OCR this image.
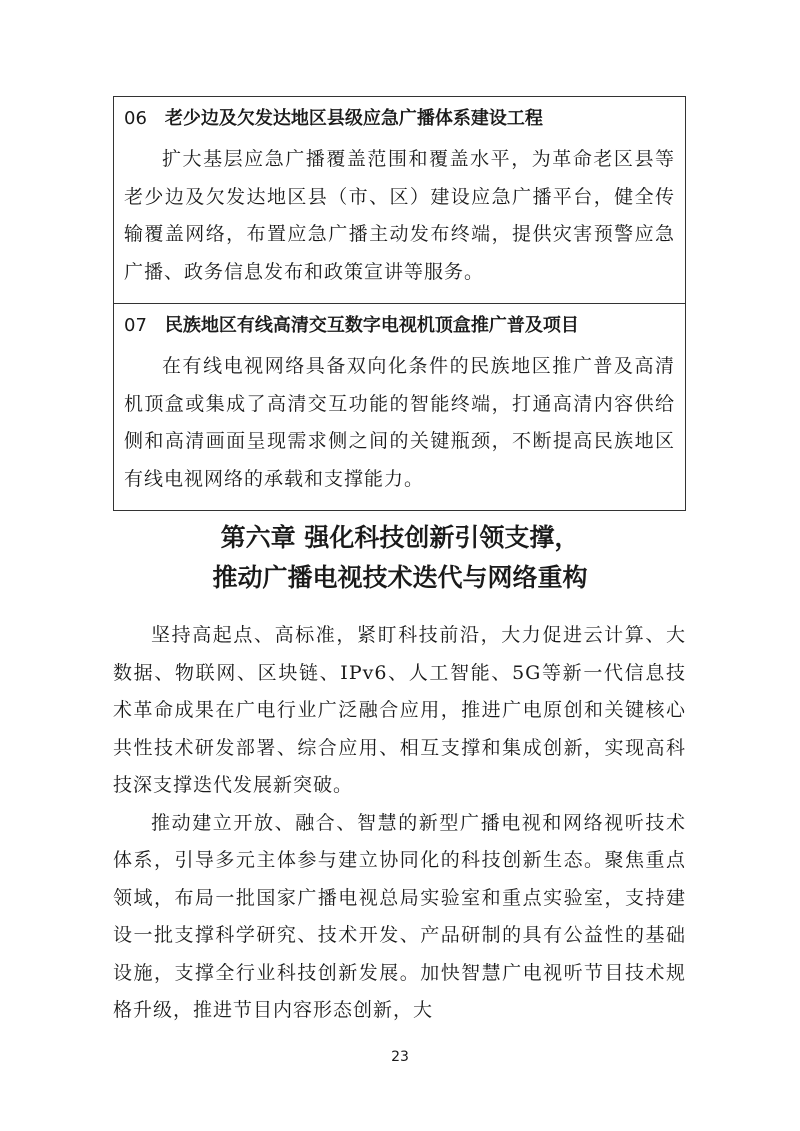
06 老少边及欠发达地区县级应急广播体系建设工程
扩大基层应急广播覆盖范围和覆盖水平，为革命老区县等老少边及欠发达地区县（市、区）建设应急广播平台，健全传输覆盖网络，布置应急广播主动发布终端，提供灾害预警应急广播、政务信息发布和政策宣讲等服务。
07 民族地区有线高清交互数字电视机顶盒推广普及项目
在有线电视网络具备双向化条件的民族地区推广普及高清机顶盒或集成了高清交互功能的智能终端，打通高清内容供给侧和高清画面呈现需求侧之间的关键瓶颈，不断提高民族地区有线电视网络的承载和支撑能力。
第六章 强化科技创新引领支撑，
推动广播电视技术迭代与网络重构

坚持高起点、高标准，紧盯科技前沿，大力促进云计算、大数据、物联网、区块链、IPv6、人工智能、5G等新一代信息技术革命成果在广电行业广泛融合应用，推进广电原创和关键核心共性技术研发部署、综合应用、相互支撑和集成创新，实现高科技深支撑迭代发展新突破。

推动建立开放、融合、智慧的新型广播电视和网络视听技术体系，引导多元主体参与建立协同化的科技创新生态。聚焦重点领域，布局一批国家广播电视总局实验室和重点实验室，支持建设一批支撑科学研究、技术开发、产品研制的具有公益性的基础设施，支撑全行业科技创新发展。加快智慧广电视听节目技术规格升级，推进节目内容形态创新，大

23
